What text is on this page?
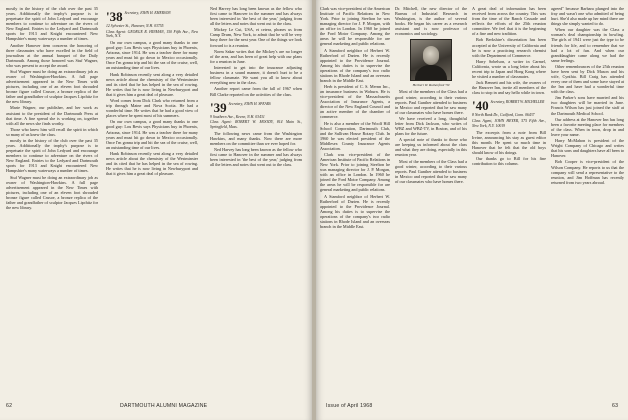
mostly in the history of the club over the past 35 years. Additionally the trophy's purpose is to perpetuate the spirit of John Ledyard and encourage members to continue to adventure on the rivers of New England. Entries to the Ledyard and Dartmouth sports for 1913 and Knight encountered New Hampshire's many waterways a number of times.

Another Hanover item concerns the honoring of three classmates who have excelled in the field of journalism at the annual banquet of the Daily Dartmouth. Among those honored was Stuf Wagner, who was present to accept the award.

Stuf Wagner must be doing an extraordinary job as owner of Washington-Hawkins. A full page advertisement appeared in the New Times with pictures, including one of an eleven foot shrouded bronze figure called Crusoe, a bronze replica of the father and grandfather of sculptor Jacques Lipchitz for the new library.

Marie Wagner, our publisher, and her work as assistant to the president of the Dartmouth Press at that time. A fine spread she is working on, together with all the news she finds worthy.

Those who knew him will recall the spirit in which so many of us knew the class.

mostly in the history of the club over the past 35 years. Additionally the trophy's purpose is to perpetuate the spirit of John Ledyard and encourage members to continue to adventure on the rivers of New England. Entries to the Ledyard and Dartmouth sports for 1913 and Knight encountered New Hampshire's many waterways a number of times.

Stuf Wagner must be doing an extraordinary job as owner of Washington-Hawkins. A full page advertisement appeared in the New Times with pictures, including one of an eleven foot shrouded bronze figure called Crusoe, a bronze replica of the father and grandfather of sculptor Jacques Lipchitz for the new library.

'38 Secretary, JOHN H. EMERSON

12 Sylvester St., Hanover, N.H. 03755

Class Agent: GEORGE R. HINMAN, 150 Fifth Ave., New York, N.Y.

On our own campus, a good many thanks to one good guy: Lou Bevis says Physicians buy in Phoenix, Arizona, since 1914. He was a teacher there for many years and must hit go down to Mexico occasionally. Once I'm gonna trip and hit the sea of the cruise, well, an outstanding time of our lives.

Hank Robinson recently sent along a very detailed news article about the chemistry of the Westminster and its cited that he has helped in the sea of rowing. He writes that he is now living in Newburyport and that it gives him a great deal of pleasure.

Word comes from Dick Clark who returned from a trip through Maine and Nova Scotia. He had a wonderful time. He writes that he had a good view of places where he spent most of his summers.

On our own campus, a good many thanks to one good guy: Lou Bevis says Physicians buy in Phoenix, Arizona, since 1914. He was a teacher there for many years and must hit go down to Mexico occasionally. Once I'm gonna trip and hit the sea of the cruise, well, an outstanding time of our lives.

Hank Robinson recently sent along a very detailed news article about the chemistry of the Westminster and its cited that he has helped in the sea of rowing. He writes that he is now living in Newburyport and that it gives him a great deal of pleasure.

Ned Harvey has long been known as the fellow who first came to Hanover in the summer and has always been interested in 'the best of the year,' judging from all the letters and notes that went out to the class.

Mickey Le Cut, USA, et cetera, phones us from Camp Drum, New York, to admit that he will be very busy there for the next year. One of the things we look forward to is a reunion.

Norm Sakar writes that the Mickey's are no longer of the area, and has been of great help with our plans for a reunion in June.

Interested to get into the insurance adjusting business in a sound manner, it doesn't hurt to be a fellow classmate. We want you all to know about everything new in the class.

Another report came from the fall of 1967 when Bill Clarke reported on the activities of the class.

'39 Secretary, JOHN H. SPEARS

9 Southern Ave., Keene, N.H. 03431

Class Agent: ROBERT W. MOODY, 814 Main St., Springfield, Mass.

The following news came from the Washington Hawkins, and many thanks. Now there are more members on the committee than we ever hoped for.

Ned Harvey has long been known as the fellow who first came to Hanover in the summer and has always been interested in 'the best of the year,' judging from all the letters and notes that went out to the class.

62	DARTMOUTH ALUMNI MAGAZINE

Clark was vice-president of the American Institute of Pacific Relations in New York. Prior to joining Steelton he was managing director for J. P. Morgan, with an office in London. In 1960 he joined the Ford Motor Company. Among the areas he will be responsible for are general marketing and public relations.

A Stamford neighbor of Herbert W. Rutherford of Darien. He is recently appointed to the Providence Journal. Among his duties is to supervise the operations of the company's two radio stations in Rhode Island and an overseas branch in the Middle East.

Herb is president of C. S. Mernn Inc., an insurance business in Woburn. He is vice-president of the Massachusetts Association of Insurance Agents, a director of the New England Council and an active member of the chamber of commerce.

He is also a member of the Woolf Hill School Corporation, Dartmouth Club, and the Sullivan House Rotary Club. In 1960 he was elected president of the Middlesex County Insurance Agents Association.

Clark was vice-president of the American Institute of Pacific Relations in New York. Prior to joining Steelton he was managing director for J. P. Morgan, with an office in London. In 1960 he joined the Ford Motor Company. Among the areas he will be responsible for are general marketing and public relations.

A Stamford neighbor of Herbert W. Rutherford of Darien. He is recently appointed to the Providence Journal. Among his duties is to supervise the operations of the company's two radio stations in Rhode Island and an overseas branch in the Middle East.

Dr. Mitchell, the new director of the Bureau of Industrial Research in Washington, is the author of several books. He began his career as a research assistant and is now professor of economics and sociology.

Herbert W. Rutherford '39

Most of the members of the Class had a good winter, according to their various reports. Paul Gunther attended to business in Mexico and reported that he saw many of our classmates who have homes there.

We have received a long, thoughtful letter from Dick Jackson, who writes of WBZ and WBZ-TV, in Boston, and of his plans for the future.

A special note of thanks to those who are keeping us informed about the class and what they are doing, especially in this reunion year.

Most of the members of the Class had a good winter, according to their various reports. Paul Gunther attended to business in Mexico and reported that he saw many of our classmates who have homes there.

A great deal of information has been received from across the country. This was from the time of the Ranch Crusade and reflects the efforts of the 25th reunion committee. We feel that it is the beginning of a fine and new tradition.

Bob Berkshire's dissertation has been accepted at the University of California and he is now a practicing research chemist with the Department of Commerce.

Harry Sobelson, a writer in Carmel, California, wrote us a long letter about his recent trip to Japan and Hong Kong where he visited a number of classmates.

Jack Bennett and his wife, the owners of the Hanover Inn, invite all members of the class to stop in and say hello while in town.

'40 Secretary, ROBERT W. MICHELLER

8 North Bank Dr., Guilford, Conn. 06437

Class Agent, JOHN HEYER, 575 Fifth Ave., New York, N.Y. 10019

The excerpts from a note from Bill Irvine, announcing his stay as guest editor this month. He spent so much time in Hanover that he felt that the old boys should know of his doings.

Our thanks go to Bill for his fine contribution to this column.

agreed" because Barbara plunged into the fray and wasn't one who admitted of being hurt. She'd also made up her mind there are things she simply wanted to do.

When our daughter was the Class a woman's deal championship in bowling. The girls of 1941 were just the type to be friends for life, and to remember that we had a lot of fun. And when our granddaughter came along we had the same feelings.

Other remembrances of the 25th reunion have been sent by Dick Mason and his wife, Cynthia. Bill Craig has attended every one of them and some have stayed at the Inn and have had a wonderful time with the class.

Jim Parker's sons have married and his two daughters will be married in June. Francis Wilson has just joined the staff at the Dartmouth Medical School.

Our address at the Hanover Inn has long been a favorite meeting place for members of the class. When in town, drop in and leave your name.

Harry McMahon is president of the Wright Company of Chicago and writes that his sons and daughters have all been to Hanover.

Bob Cooper is vice-president of the Wilson Company. He reports to us that the company will send a representative to the reunion, and Jim Hoffman has recently returned from two years abroad.

Issue of April 1968	63
